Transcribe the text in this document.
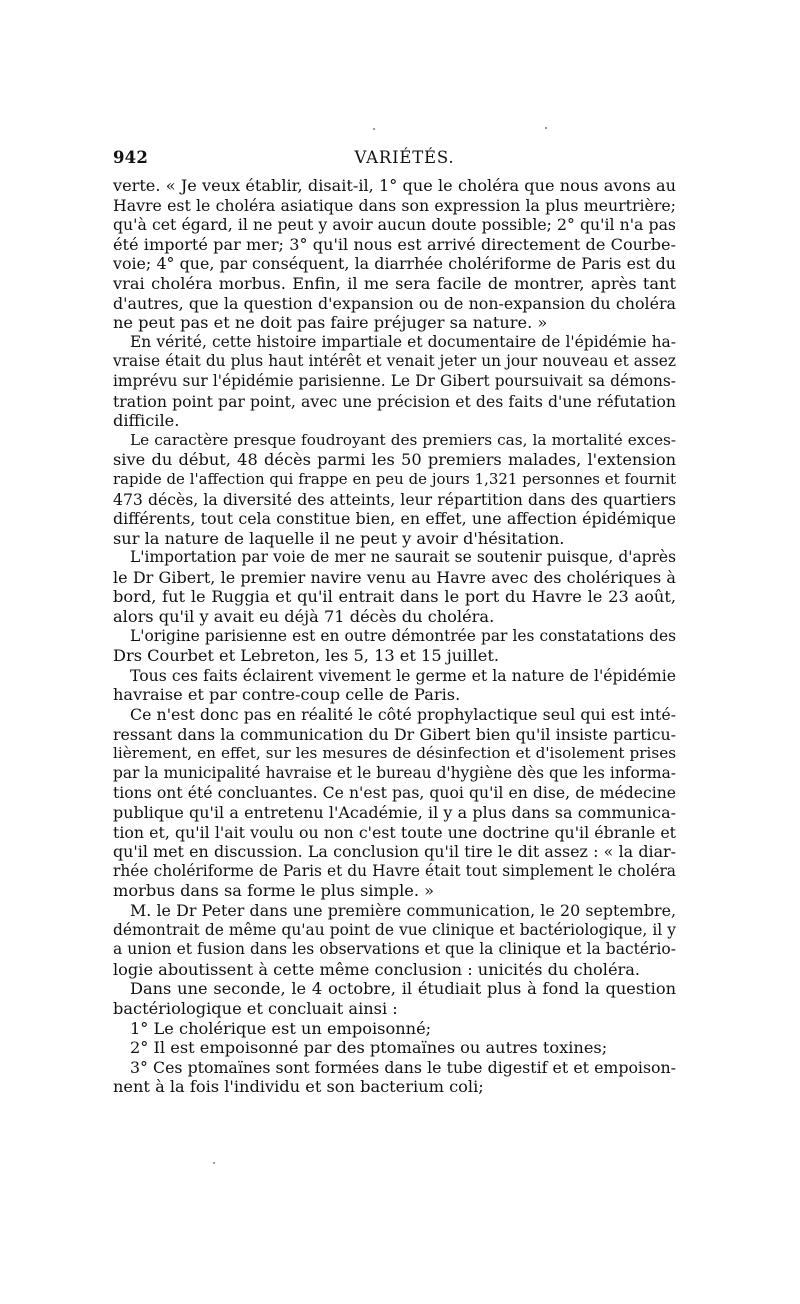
942	VARIÉTÉS.
verte. « Je veux établir, disait-il, 1° que le choléra que nous avons au
Havre est le choléra asiatique dans son expression la plus meurtrière;
qu'à cet égard, il ne peut y avoir aucun doute possible; 2° qu'il n'a pas
été importé par mer; 3° qu'il nous est arrivé directement de Courbe-
voie; 4° que, par conséquent, la diarrhée cholériforme de Paris est du
vrai choléra morbus. Enfin, il me sera facile de montrer, après tant
d'autres, que la question d'expansion ou de non-expansion du choléra
ne peut pas et ne doit pas faire préjuger sa nature. »
En vérité, cette histoire impartiale et documentaire de l'épidémie ha-
vraise était du plus haut intérêt et venait jeter un jour nouveau et assez
imprévu sur l'épidémie parisienne. Le Dr Gibert poursuivait sa démons-
tration point par point, avec une précision et des faits d'une réfutation
difficile.
Le caractère presque foudroyant des premiers cas, la mortalité exces-
sive du début, 48 décès parmi les 50 premiers malades, l'extension
rapide de l'affection qui frappe en peu de jours 1,321 personnes et fournit
473 décès, la diversité des atteints, leur répartition dans des quartiers
différents, tout cela constitue bien, en effet, une affection épidémique
sur la nature de laquelle il ne peut y avoir d'hésitation.
L'importation par voie de mer ne saurait se soutenir puisque, d'après
le Dr Gibert, le premier navire venu au Havre avec des cholériques à
bord, fut le Ruggia et qu'il entrait dans le port du Havre le 23 août,
alors qu'il y avait eu déjà 71 décès du choléra.
L'origine parisienne est en outre démontrée par les constatations des
Drs Courbet et Lebreton, les 5, 13 et 15 juillet.
Tous ces faits éclairent vivement le germe et la nature de l'épidémie
havraise et par contre-coup celle de Paris.
Ce n'est donc pas en réalité le côté prophylactique seul qui est inté-
ressant dans la communication du Dr Gibert bien qu'il insiste particu-
lièrement, en effet, sur les mesures de désinfection et d'isolement prises
par la municipalité havraise et le bureau d'hygiène dès que les informa-
tions ont été concluantes. Ce n'est pas, quoi qu'il en dise, de médecine
publique qu'il a entretenu l'Académie, il y a plus dans sa communica-
tion et, qu'il l'ait voulu ou non c'est toute une doctrine qu'il ébranle et
qu'il met en discussion. La conclusion qu'il tire le dit assez : « la diar-
rhée cholériforme de Paris et du Havre était tout simplement le choléra
morbus dans sa forme le plus simple. »
M. le Dr Peter dans une première communication, le 20 septembre,
démontrait de même qu'au point de vue clinique et bactériologique, il y
a union et fusion dans les observations et que la clinique et la bactério-
logie aboutissent à cette même conclusion : unicités du choléra.
Dans une seconde, le 4 octobre, il étudiait plus à fond la question
bactériologique et concluait ainsi :
1° Le cholérique est un empoisonné;
2° Il est empoisonné par des ptomaïnes ou autres toxines;
3° Ces ptomaïnes sont formées dans le tube digestif et et empoison-
nent à la fois l'individu et son bacterium coli;
